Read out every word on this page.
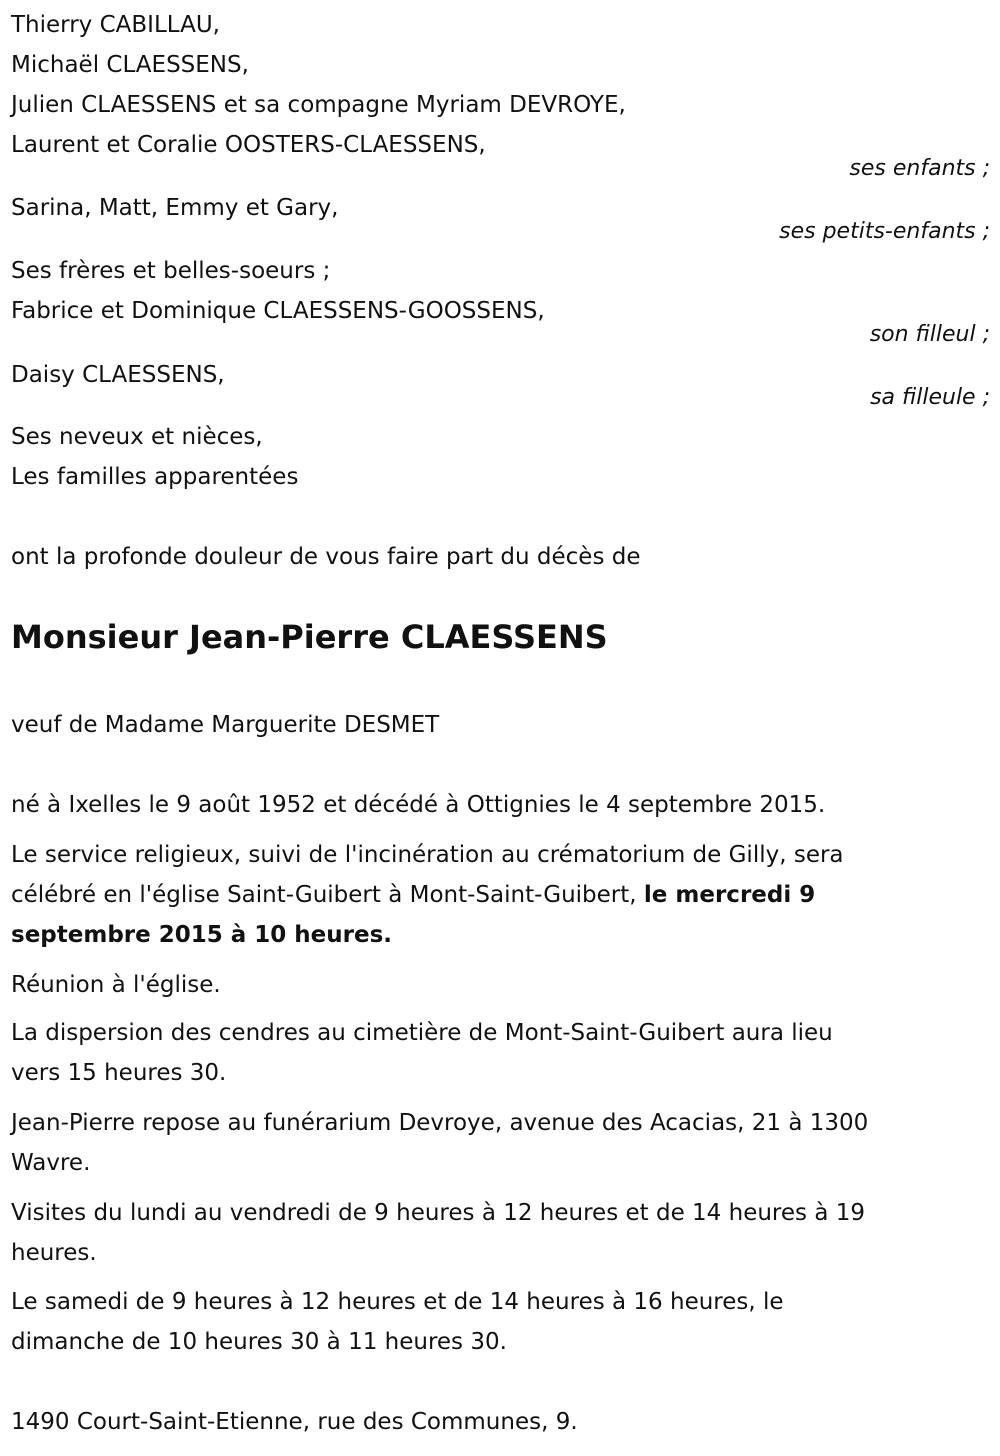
Thierry CABILLAU,
Michaël CLAESSENS,
Julien CLAESSENS et sa compagne Myriam DEVROYE,
Laurent et Coralie OOSTERS-CLAESSENS,
ses enfants ;
Sarina, Matt, Emmy et Gary,
ses petits-enfants ;
Ses frères et belles-soeurs ;
Fabrice et Dominique CLAESSENS-GOOSSENS,
son filleul ;
Daisy CLAESSENS,
sa filleule ;
Ses neveux et nièces,
Les familles apparentées
ont la profonde douleur de vous faire part du décès de
Monsieur Jean-Pierre CLAESSENS
veuf de Madame Marguerite DESMET
né à Ixelles le 9 août 1952 et décédé à Ottignies le 4 septembre 2015.
Le service religieux, suivi de l'incinération au crématorium de Gilly, sera
célébré en l'église Saint-Guibert à Mont-Saint-Guibert, le mercredi 9
septembre 2015 à 10 heures.
Réunion à l'église.
La dispersion des cendres au cimetière de Mont-Saint-Guibert aura lieu
vers 15 heures 30.
Jean-Pierre repose au funérarium Devroye, avenue des Acacias, 21 à 1300
Wavre.
Visites du lundi au vendredi de 9 heures à 12 heures et de 14 heures à 19
heures.
Le samedi de 9 heures à 12 heures et de 14 heures à 16 heures, le
dimanche de 10 heures 30 à 11 heures 30.
1490 Court-Saint-Etienne, rue des Communes, 9.
